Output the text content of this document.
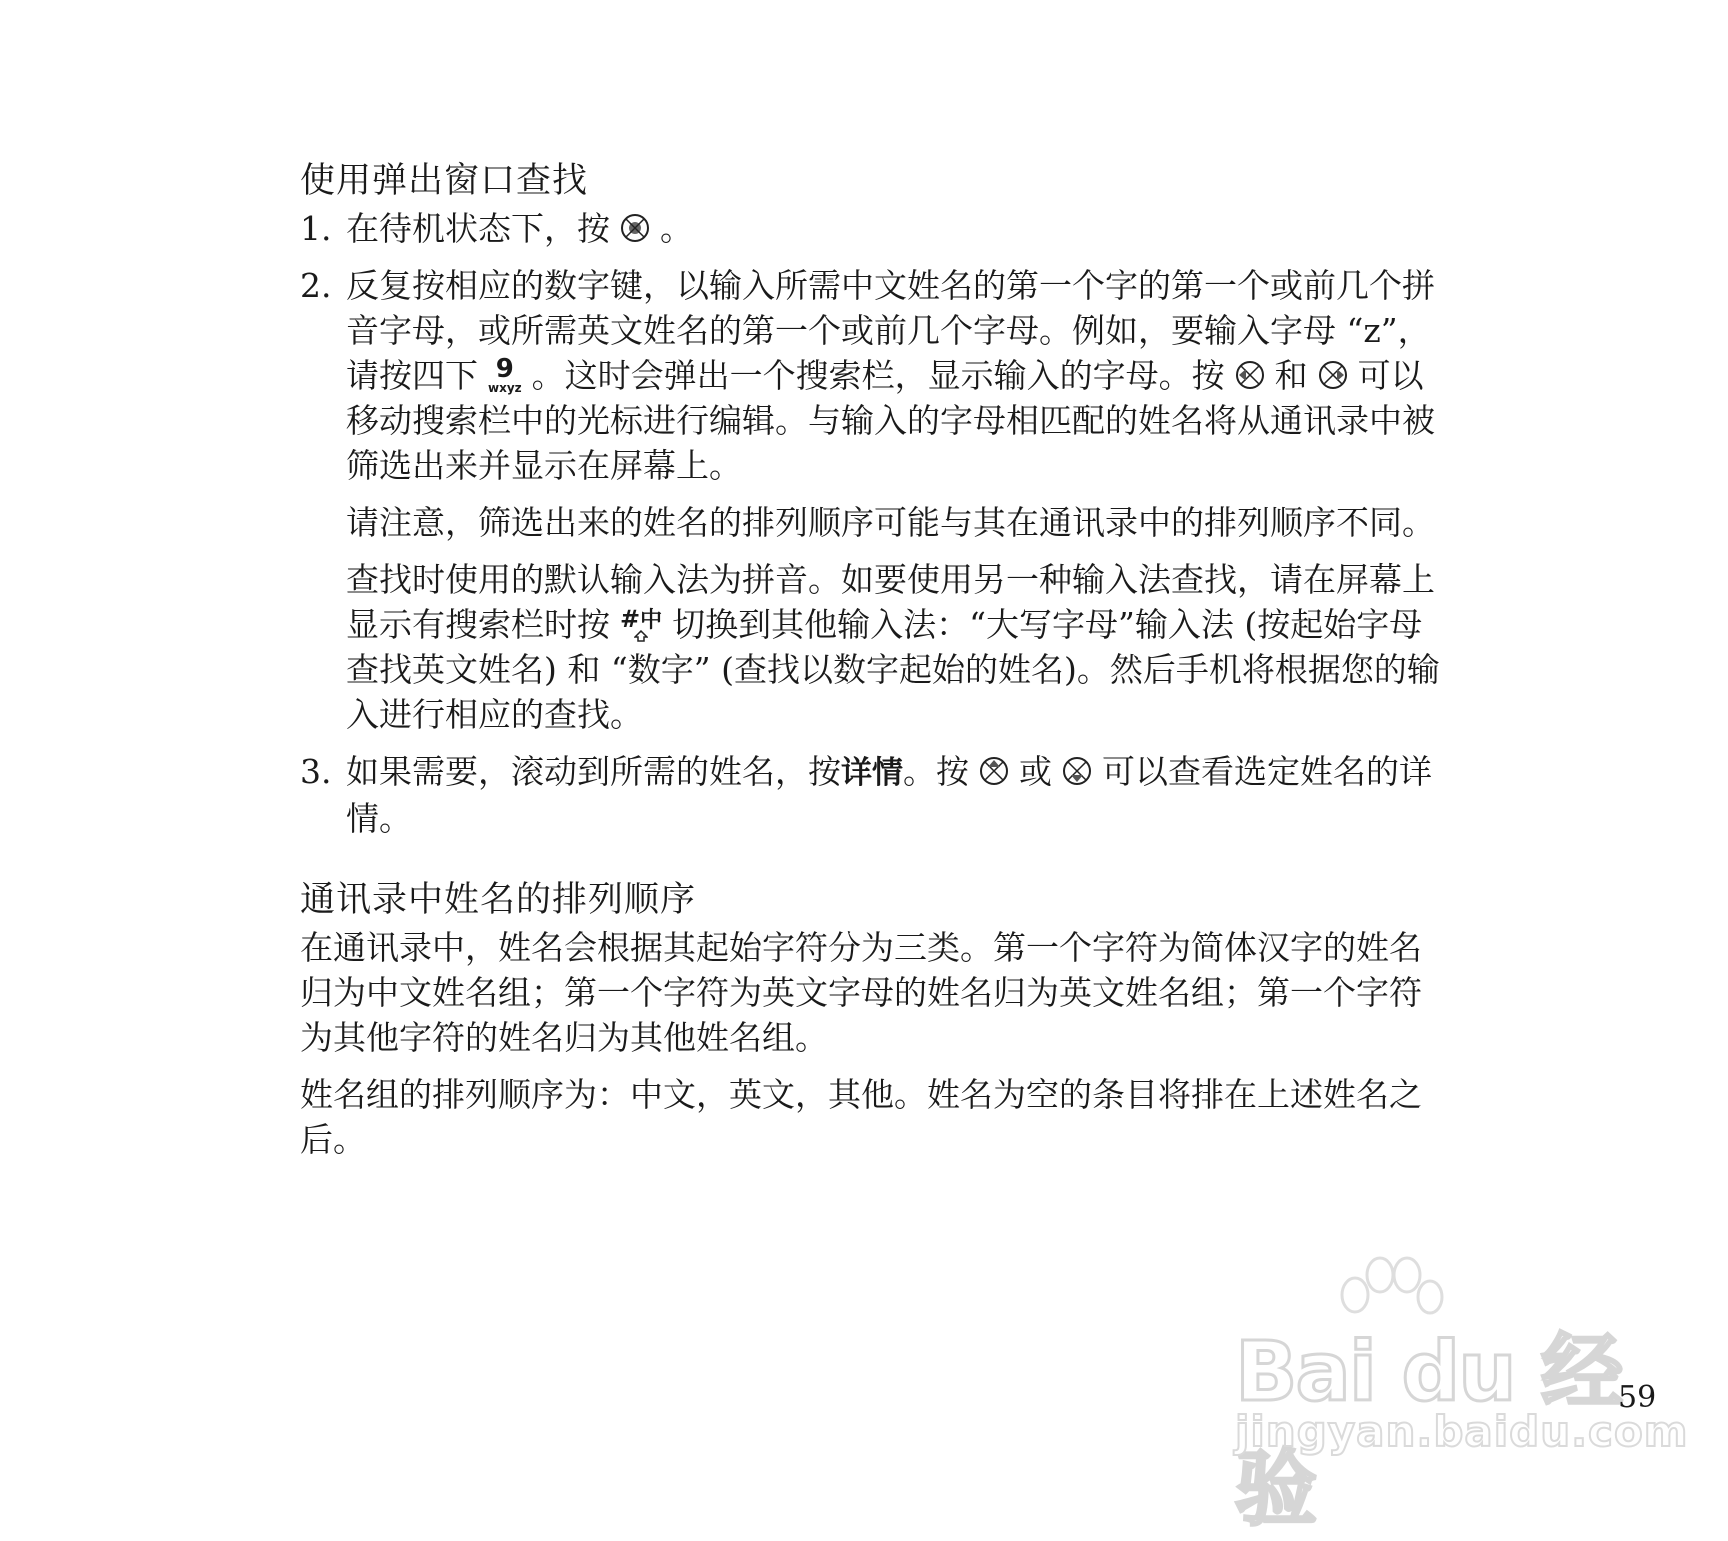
使用弹出窗口查找

1. 在待机状态下，按 。

2. 反复按相应的数字键，以输入所需中文姓名的第一个字的第一个或前几个拼音字母，或所需英文姓名的第一个或前几个字母。例如，要输入字母 “z”，请按四下 9
wxyz 。这时会弹出一个搜索栏，显示输入的字母。按 和 可以移动搜索栏中的光标进行编辑。与输入的字母相匹配的姓名将从通讯录中被筛选出来并显示在屏幕上。

请注意，筛选出来的姓名的排列顺序可能与其在通讯录中的排列顺序不同。

查找时使用的默认输入法为拼音。如要使用另一种输入法查找，请在屏幕上显示有搜索栏时按 #中 切换到其他输入法：“大写字母”输入法 (按起始字母查找英文姓名) 和 “数字” (查找以数字起始的姓名)。然后手机将根据您的输入进行相应的查找。

3. 如果需要，滚动到所需的姓名，按详情。按 或 可以查看选定姓名的详情。

通讯录中姓名的排列顺序

在通讯录中，姓名会根据其起始字符分为三类。第一个字符为简体汉字的姓名归为中文姓名组；第一个字符为英文字母的姓名归为英文姓名组；第一个字符为其他字符的姓名归为其他姓名组。

姓名组的排列顺序为：中文，英文，其他。姓名为空的条目将排在上述姓名之后。

Bai du 经验
jingyan.baidu.com
59
